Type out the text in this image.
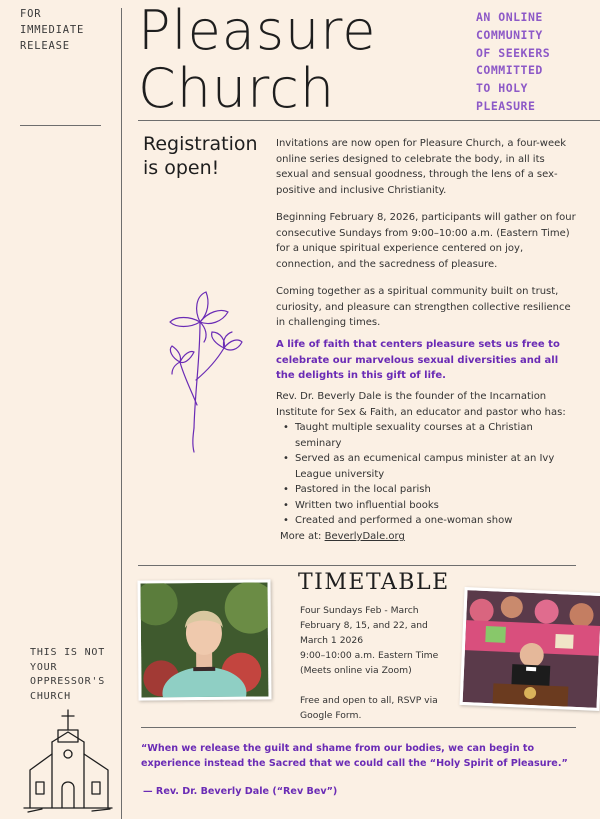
FOR
IMMEDIATE
RELEASE	Pleasure
Church
AN ONLINE
COMMUNITY
OF SEEKERS
COMMITTED
TO HOLY
PLEASURE
Registration
is open!

Invitations are now open for Pleasure Church, a four-week online series designed to celebrate the body, in all its sexual and sensual goodness, through the lens of a sex-positive and inclusive Christianity.

Beginning February 8, 2026, participants will gather on four consecutive Sundays from 9:00–10:00 a.m. (Eastern Time) for a unique spiritual experience centered on joy, connection, and the sacredness of pleasure.

Coming together as a spiritual community built on trust, curiosity, and pleasure can strengthen collective resilience in challenging times.

A life of faith that centers pleasure sets us free to celebrate our marvelous sexual diversities and all the delights in this gift of life.

Rev. Dr. Beverly Dale is the founder of the Incarnation Institute for Sex & Faith, an educator and pastor who has:

• Taught multiple sexuality courses at a Christian seminary
• Served as an ecumenical campus minister at an Ivy League university
• Pastored in the local parish
• Written two influential books
• Created and performed a one-woman show
More at: BeverlyDale.org
TIMETABLE
Four Sundays Feb - March
February 8, 15, and 22, and March 1 2026
9:00–10:00 a.m. Eastern Time
(Meets online via Zoom)
Free and open to all, RSVP via Google Form.
THIS IS NOT
YOUR
OPPRESSOR'S
CHURCH

“When we release the guilt and shame from our bodies, we can begin to experience instead the Sacred that we could call the “Holy Spirit of Pleasure.”

— Rev. Dr. Beverly Dale (“Rev Bev”)
